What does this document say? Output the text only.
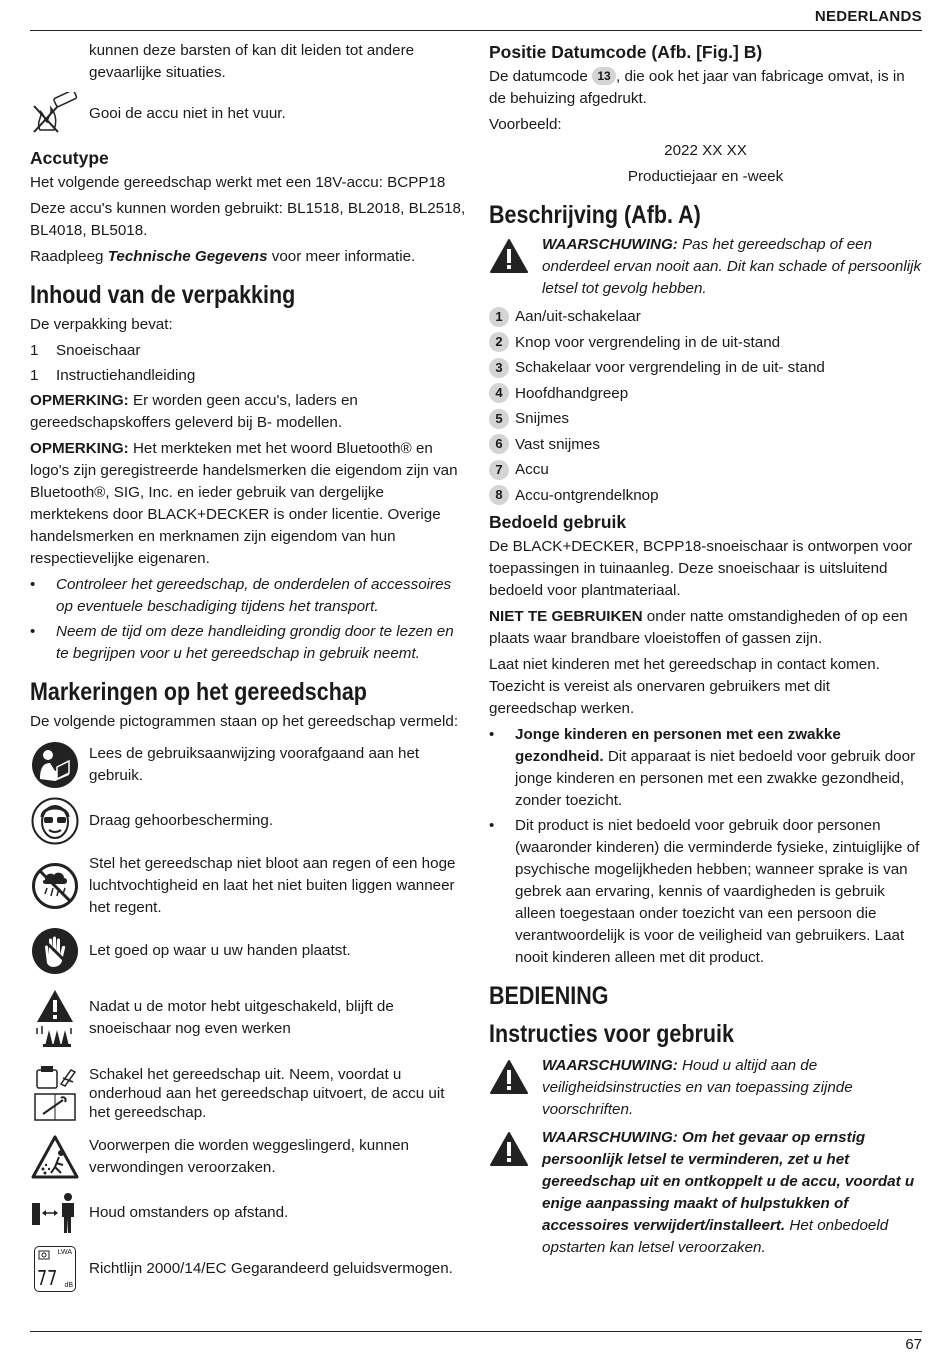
NEDERLANDS

kunnen deze barsten of kan dit leiden tot andere gevaarlijke situaties.

Gooi de accu niet in het vuur.

Accutype

Het volgende gereedschap werkt met een 18V-accu: BCPP18

Deze accu's kunnen worden gebruikt: BL1518, BL2018, BL2518, BL4018, BL5018.

Raadpleeg Technische Gegevens voor meer informatie.

Inhoud van de verpakking

De verpakking bevat:

1	Snoeischaar
1	Instructiehandleiding

OPMERKING: Er worden geen accu's, laders en gereedschapskoffers geleverd bij B- modellen.

OPMERKING: Het merkteken met het woord Bluetooth® en logo's zijn geregistreerde handelsmerken die eigendom zijn van Bluetooth®, SIG, Inc. en ieder gebruik van dergelijke merktekens door BLACK+DECKER is onder licentie. Overige handelsmerken en merknamen zijn eigendom van hun respectievelijke eigenaren.

•	Controleer het gereedschap, de onderdelen of accessoires op eventuele beschadiging tijdens het transport.
•	Neem de tijd om deze handleiding grondig door te lezen en te begrijpen voor u het gereedschap in gebruik neemt.
Markeringen op het gereedschap

De volgende pictogrammen staan op het gereedschap vermeld:

Lees de gebruiksaanwijzing voorafgaand aan het gebruik.

Draag gehoorbescherming.

Stel het gereedschap niet bloot aan regen of een hoge luchtvochtigheid en laat het niet buiten liggen wanneer het regent.

Let goed op waar u uw handen plaatst.

Nadat u de motor hebt uitgeschakeld, blijft de snoeischaar nog even werken

Schakel het gereedschap uit. Neem, voordat u onderhoud aan het gereedschap uitvoert, de accu uit het gereedschap.

Voorwerpen die worden weggeslingerd, kunnen verwondingen veroorzaken.

Houd omstanders op afstand.

LWA
77 dB

Richtlijn 2000/14/EC Gegarandeerd geluidsvermogen.

Positie Datumcode (Afb. [Fig.] B)

De datumcode 13 , die ook het jaar van fabricage omvat, is in de behuizing afgedrukt.

Voorbeeld:

2022 XX XX

Productiejaar en -week

Beschrijving (Afb. A)
WAARSCHUWING: Pas het gereedschap of een onderdeel ervan nooit aan. Dit kan schade of persoonlijk letsel tot gevolg hebben.
1 Aan/uit-schakelaar
2 Knop voor vergrendeling in de uit-stand
3 Schakelaar voor vergrendeling in de uit- stand
4 Hoofdhandgreep
5 Snijmes
6 Vast snijmes
7 Accu
8 Accu-ontgrendelknop
Bedoeld gebruik

De BLACK+DECKER, BCPP18-snoeischaar is ontworpen voor toepassingen in tuinaanleg. Deze snoeischaar is uitsluitend bedoeld voor plantmateriaal.

NIET TE GEBRUIKEN onder natte omstandigheden of op een plaats waar brandbare vloeistoffen of gassen zijn.

Laat niet kinderen met het gereedschap in contact komen. Toezicht is vereist als onervaren gebruikers met dit gereedschap werken.

•	Jonge kinderen en personen met een zwakke gezondheid. Dit apparaat is niet bedoeld voor gebruik door jonge kinderen en personen met een zwakke gezondheid, zonder toezicht.
•	Dit product is niet bedoeld voor gebruik door personen (waaronder kinderen) die verminderde fysieke, zintuiglijke of psychische mogelijkheden hebben; wanneer sprake is van gebrek aan ervaring, kennis of vaardigheden is gebruik alleen toegestaan onder toezicht van een persoon die verantwoordelijk is voor de veiligheid van gebruikers. Laat nooit kinderen alleen met dit product.
BEDIENING
Instructies voor gebruik
WAARSCHUWING: Houd u altijd aan de veiligheidsinstructies en van toepassing zijnde voorschriften.
WAARSCHUWING: Om het gevaar op ernstig persoonlijk letsel te verminderen, zet u het gereedschap uit en ontkoppelt u de accu, voordat u enige aanpassing maakt of hulpstukken of accessoires verwijdert/installeert. Het onbedoeld opstarten kan letsel veroorzaken.
67
